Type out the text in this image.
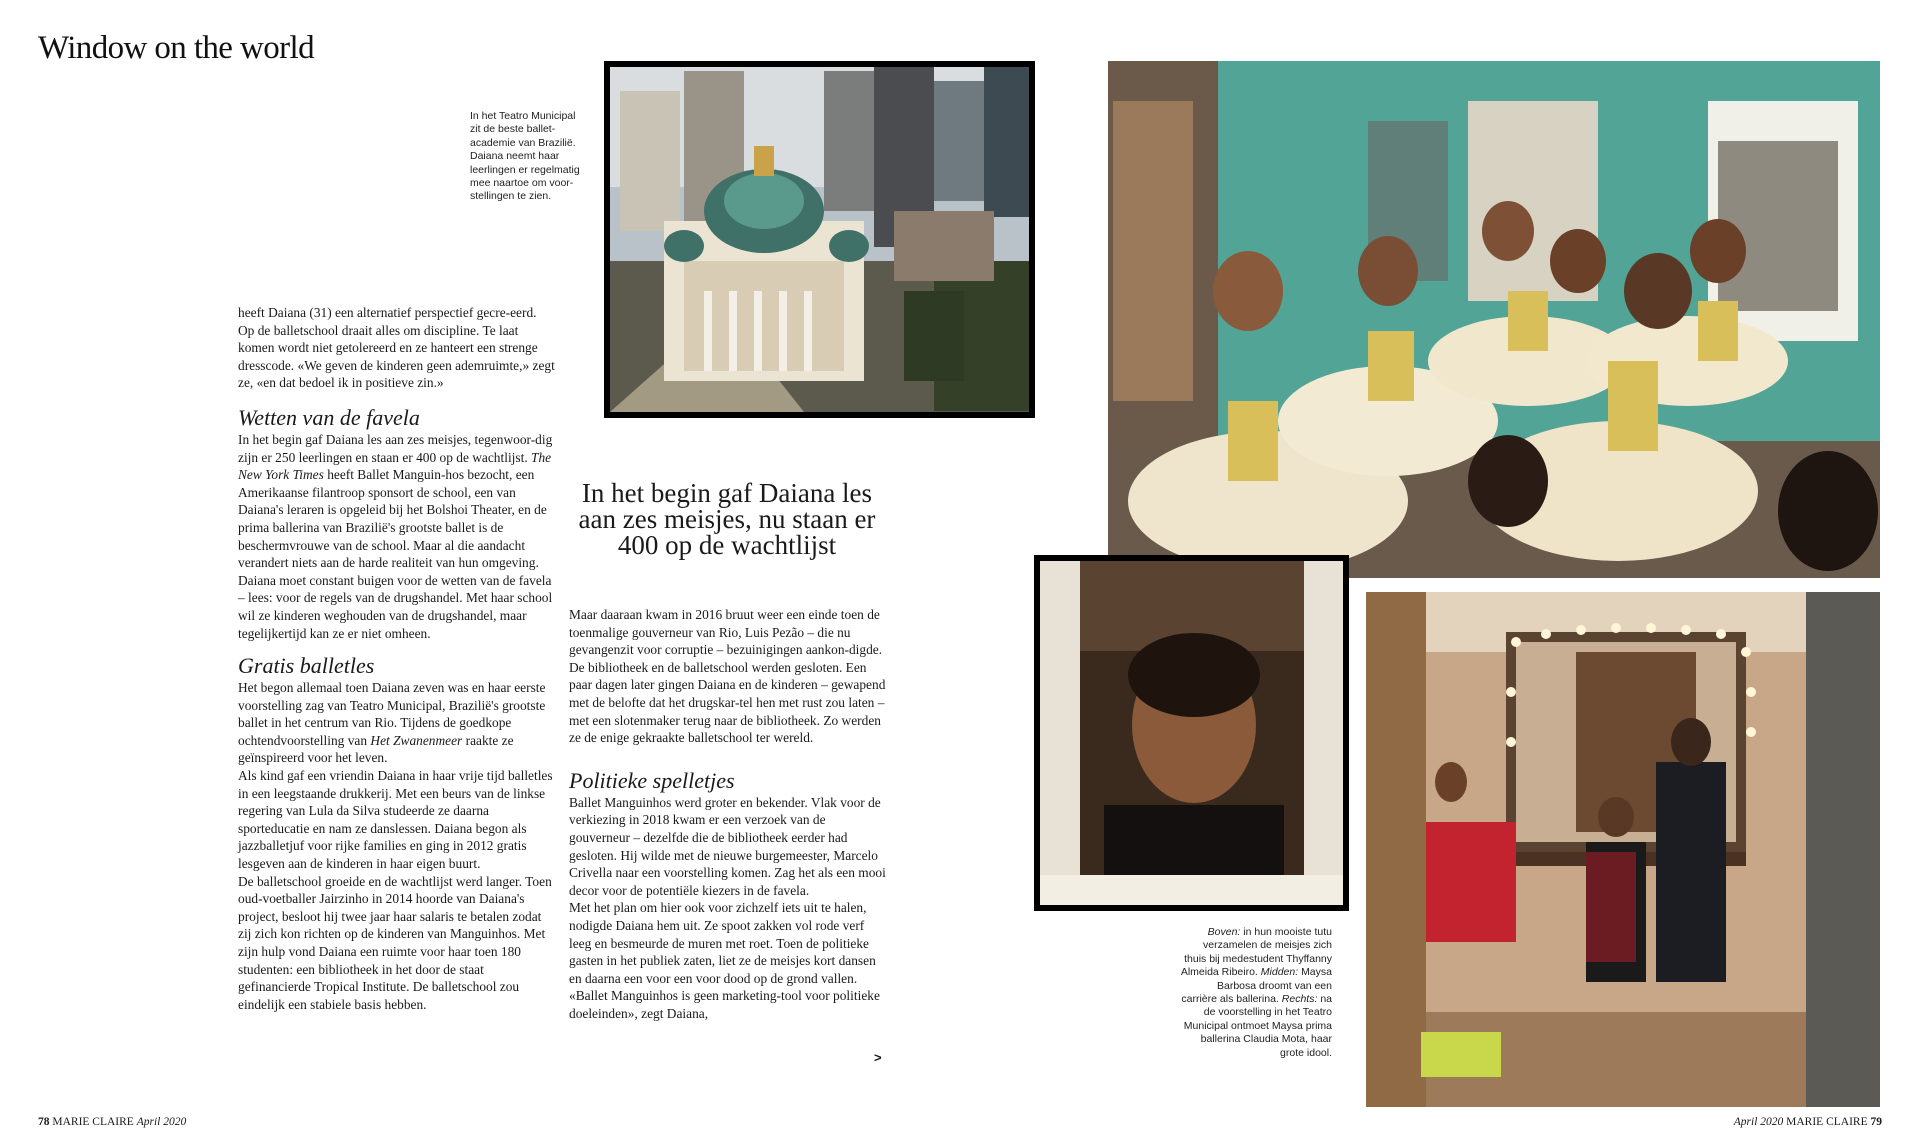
Window on the world
In het Teatro Municipal zit de beste ballet-academie van Brazilië. Daiana neemt haar leerlingen er regelmatig mee naartoe om voor-stellingen te zien.

heeft Daiana (31) een alternatief perspectief gecre-eerd. Op de balletschool draait alles om discipline. Te laat komen wordt niet getolereerd en ze hanteert een strenge dresscode. «We geven de kinderen geen ademruimte,» zegt ze, «en dat bedoel ik in positieve zin.»

Wetten van de favela

In het begin gaf Daiana les aan zes meisjes, tegenwoor-dig zijn er 250 leerlingen en staan er 400 op de wachtlijst. The New York Times heeft Ballet Manguin-hos bezocht, een Amerikaanse filantroop sponsort de school, een van Daiana's leraren is opgeleid bij het Bolshoi Theater, en de prima ballerina van Brazilië's grootste ballet is de beschermvrouwe van de school. Maar al die aandacht verandert niets aan de harde realiteit van hun omgeving. Daiana moet constant buigen voor de wetten van de favela – lees: voor de regels van de drugshandel. Met haar school wil ze kinderen weghouden van de drugshandel, maar tegelijkertijd kan ze er niet omheen.

Gratis balletles

Het begon allemaal toen Daiana zeven was en haar eerste voorstelling zag van Teatro Municipal, Brazilië's grootste ballet in het centrum van Rio. Tijdens de goedkope ochtendvoorstelling van Het Zwanenmeer raakte ze geïnspireerd voor het leven.

Als kind gaf een vriendin Daiana in haar vrije tijd balletles in een leegstaande drukkerij. Met een beurs van de linkse regering van Lula da Silva studeerde ze daarna sporteducatie en nam ze danslessen. Daiana begon als jazzballetjuf voor rijke families en ging in 2012 gratis lesgeven aan de kinderen in haar eigen buurt.

De balletschool groeide en de wachtlijst werd langer. Toen oud-voetballer Jairzinho in 2014 hoorde van Daiana's project, besloot hij twee jaar haar salaris te betalen zodat zij zich kon richten op de kinderen van Manguinhos. Met zijn hulp vond Daiana een ruimte voor haar toen 180 studenten: een bibliotheek in het door de staat gefinancierde Tropical Institute. De balletschool zou eindelijk een stabiele basis hebben.

In het begin gaf Daiana les aan zes meisjes, nu staan er 400 op de wachtlijst

Maar daaraan kwam in 2016 bruut weer een einde toen de toenmalige gouverneur van Rio, Luis Pezão – die nu gevangenzit voor corruptie – bezuinigingen aankon-digde. De bibliotheek en de balletschool werden gesloten. Een paar dagen later gingen Daiana en de kinderen – gewapend met de belofte dat het drugskar-tel hen met rust zou laten – met een slotenmaker terug naar de bibliotheek. Zo werden ze de enige gekraakte balletschool ter wereld.

Politieke spelletjes

Ballet Manguinhos werd groter en bekender. Vlak voor de verkiezing in 2018 kwam er een verzoek van de gouverneur – dezelfde die de bibliotheek eerder had gesloten. Hij wilde met de nieuwe burgemeester, Marcelo Crivella naar een voorstelling komen. Zag het als een mooi decor voor de potentiële kiezers in de favela.

Met het plan om hier ook voor zichzelf iets uit te halen, nodigde Daiana hem uit. Ze spoot zakken vol rode verf leeg en besmeurde de muren met roet. Toen de politieke gasten in het publiek zaten, liet ze de meisjes kort dansen en daarna een voor een voor dood op de grond vallen. «Ballet Manguinhos is geen marketing-tool voor politieke doeleinden», zegt Daiana,

>
Boven: in hun mooiste tutu verzamelen de meisjes zich thuis bij medestudent Thyffanny Almeida Ribeiro. Midden: Maysa Barbosa droomt van een carrière als ballerina. Rechts: na de voorstelling in het Teatro Municipal ontmoet Maysa prima ballerina Claudia Mota, haar grote idool.
78 MARIE CLAIRE April 2020	April 2020 MARIE CLAIRE 79
